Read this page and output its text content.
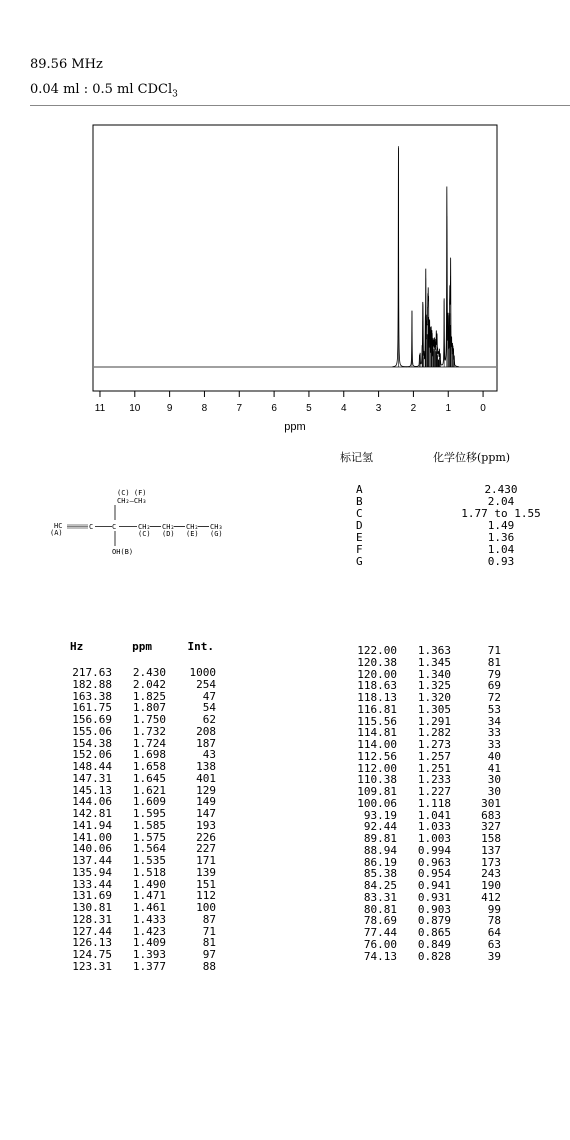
89.56 MHz
0.04 ml : 0.5 ml CDCl$_3$
11 10	9	8	7	6	5	4	3	2	1	0
ppm
标记氢	化学位移(ppm)
A	2.430
B	2.04
C	1.77 to 1.55
D	1.49
E	1.36
F	1.04
G	0.93
(C) (F)
CH₂—CH₃
HC
(A)
C	C	CH₂
(C)
CH₂
(D)
CH₂
(E)
CH₃
(G)
OH(B)
Hz	ppm	Int.
217.63	2.430	1000
182.88	2.042	254
163.38	1.825	47
161.75	1.807	54
156.69	1.750	62
155.06	1.732	208
154.38	1.724	187
152.06	1.698	43
148.44	1.658	138
147.31	1.645	401
145.13	1.621	129
144.06	1.609	149
142.81	1.595	147
141.94	1.585	193
141.00	1.575	226
140.06	1.564	227
137.44	1.535	171
135.94	1.518	139
133.44	1.490	151
131.69	1.471	112
130.81	1.461	100
128.31	1.433	87
127.44	1.423	71
126.13	1.409	81
124.75	1.393	97
123.31	1.377	88
122.00	1.363	71
120.38	1.345	81
120.00	1.340	79
118.63	1.325	69
118.13	1.320	72
116.81	1.305	53
115.56	1.291	34
114.81	1.282	33
114.00	1.273	33
112.56	1.257	40
112.00	1.251	41
110.38	1.233	30
109.81	1.227	30
100.06	1.118	301
93.19	1.041	683
92.44	1.033	327
89.81	1.003	158
88.94	0.994	137
86.19	0.963	173
85.38	0.954	243
84.25	0.941	190
83.31	0.931	412
80.81	0.903	99
78.69	0.879	78
77.44	0.865	64
76.00	0.849	63
74.13	0.828	39
